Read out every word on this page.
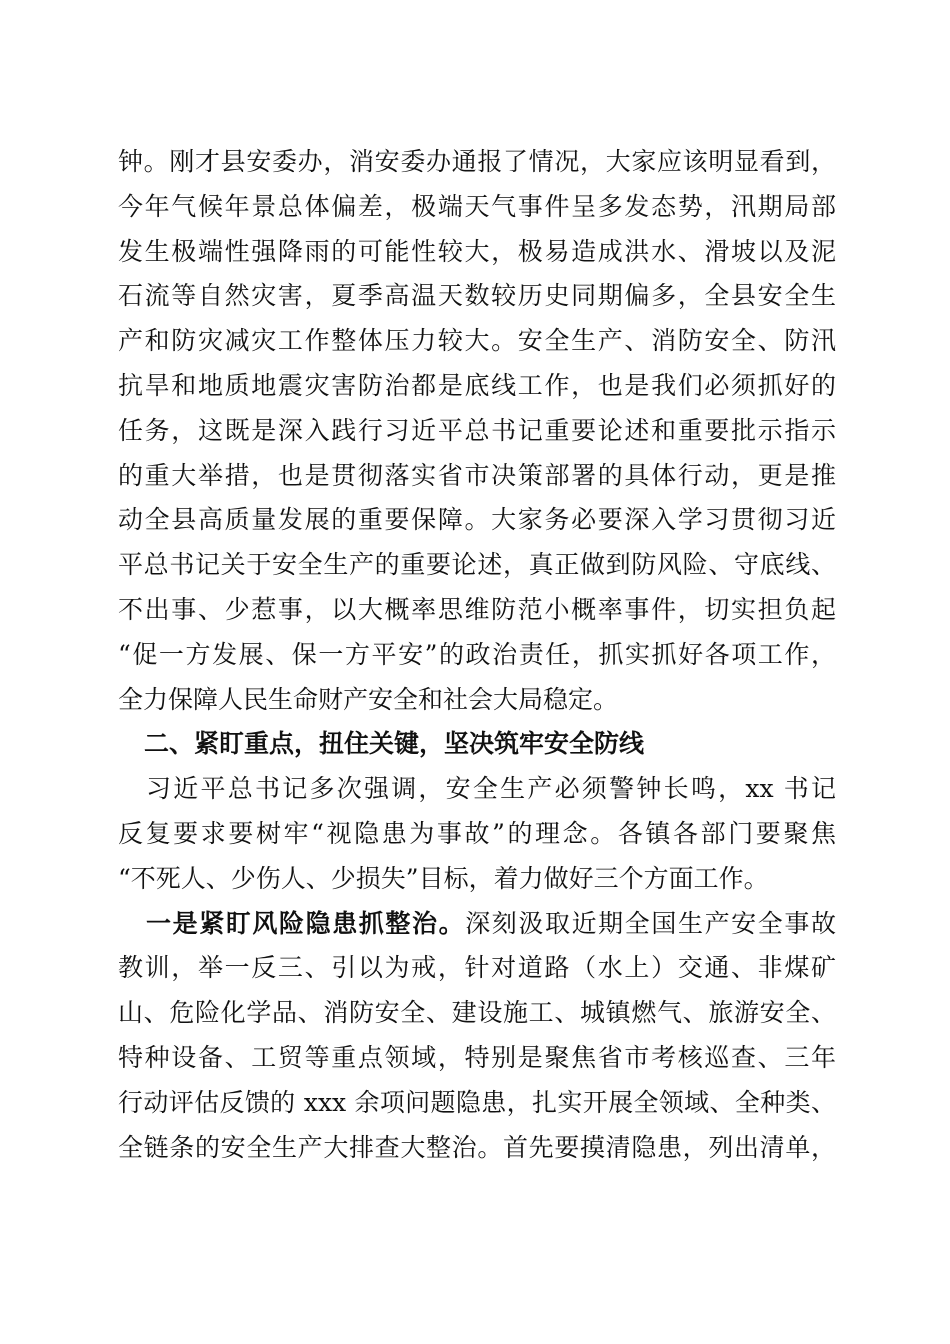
钟。刚才县安委办，消安委办通报了情况，大家应该明显看到，
今年气候年景总体偏差，极端天气事件呈多发态势，汛期局部
发生极端性强降雨的可能性较大，极易造成洪水、滑坡以及泥
石流等自然灾害，夏季高温天数较历史同期偏多，全县安全生
产和防灾减灾工作整体压力较大。安全生产、消防安全、防汛
抗旱和地质地震灾害防治都是底线工作，也是我们必须抓好的
任务，这既是深入践行习近平总书记重要论述和重要批示指示
的重大举措，也是贯彻落实省市决策部署的具体行动，更是推
动全县高质量发展的重要保障。大家务必要深入学习贯彻习近
平总书记关于安全生产的重要论述，真正做到防风险、守底线、
不出事、少惹事，以大概率思维防范小概率事件，切实担负起
“促一方发展、保一方平安”的政治责任，抓实抓好各项工作，
全力保障人民生命财产安全和社会大局稳定。
二、紧盯重点，扭住关键，坚决筑牢安全防线
习近平总书记多次强调，安全生产必须警钟长鸣，xx 书记
反复要求要树牢“视隐患为事故”的理念。各镇各部门要聚焦
“不死人、少伤人、少损失”目标，着力做好三个方面工作。
一是紧盯风险隐患抓整治。深刻汲取近期全国生产安全事故
教训，举一反三、引以为戒，针对道路（水上）交通、非煤矿
山、危险化学品、消防安全、建设施工、城镇燃气、旅游安全、
特种设备、工贸等重点领域，特别是聚焦省市考核巡查、三年
行动评估反馈的 xxx 余项问题隐患，扎实开展全领域、全种类、
全链条的安全生产大排查大整治。首先要摸清隐患，列出清单，
